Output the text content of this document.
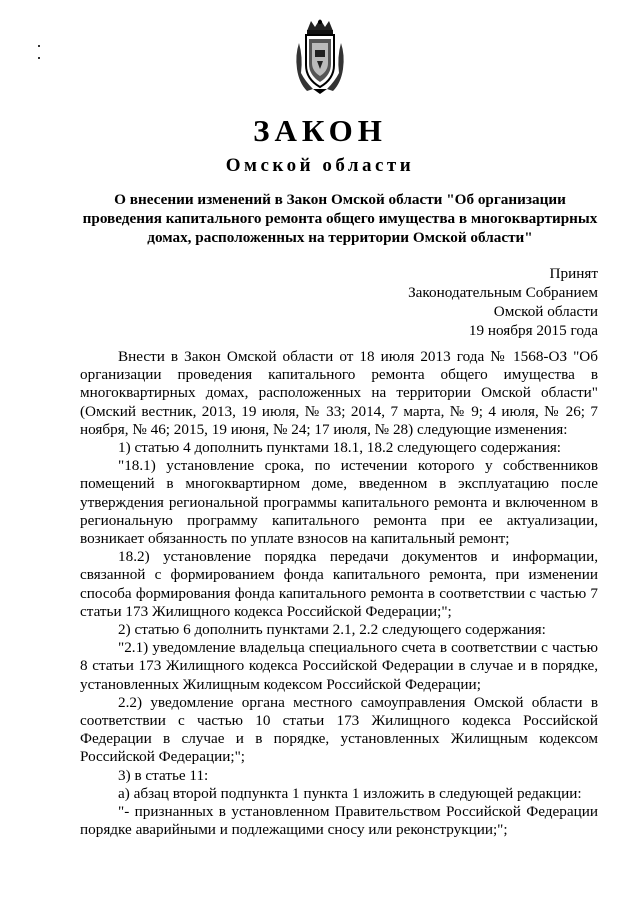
ЗАКОН
Омской области
О внесении изменений в Закон Омской области "Об организации
проведения капитального ремонта общего имущества в многоквартирных
домах, расположенных на территории Омской области"
Принят
Законодательным Собранием
Омской области
19 ноября 2015 года

Внести в Закон Омской области от 18 июля 2013 года № 1568-ОЗ "Об организации проведения капитального ремонта общего имущества в многоквартирных домах, расположенных на территории Омской области" (Омский вестник, 2013, 19 июля, № 33; 2014, 7 марта, № 9; 4 июля, № 26; 7 ноября, № 46; 2015, 19 июня, № 24; 17 июля, № 28) следующие изменения:

1) статью 4 дополнить пунктами 18.1, 18.2 следующего содержания:

"18.1) установление срока, по истечении которого у собственников помещений в многоквартирном доме, введенном в эксплуатацию после утверждения региональной программы капитального ремонта и включенном в региональную программу капитального ремонта при ее актуализации, возникает обязанность по уплате взносов на капитальный ремонт;

18.2) установление порядка передачи документов и информации, связанной с формированием фонда капитального ремонта, при изменении способа формирования фонда капитального ремонта в соответствии с частью 7 статьи 173 Жилищного кодекса Российской Федерации;";

2) статью 6 дополнить пунктами 2.1, 2.2 следующего содержания:

"2.1) уведомление владельца специального счета в соответствии с частью 8 статьи 173 Жилищного кодекса Российской Федерации в случае и в порядке, установленных Жилищным кодексом Российской Федерации;

2.2) уведомление органа местного самоуправления Омской области в соответствии с частью 10 статьи 173 Жилищного кодекса Российской Федерации в случае и в порядке, установленных Жилищным кодексом Российской Федерации;";

3) в статье 11:

а) абзац второй подпункта 1 пункта 1 изложить в следующей редакции:

"- признанных в установленном Правительством Российской Федерации порядке аварийными и подлежащими сносу или реконструкции;";
